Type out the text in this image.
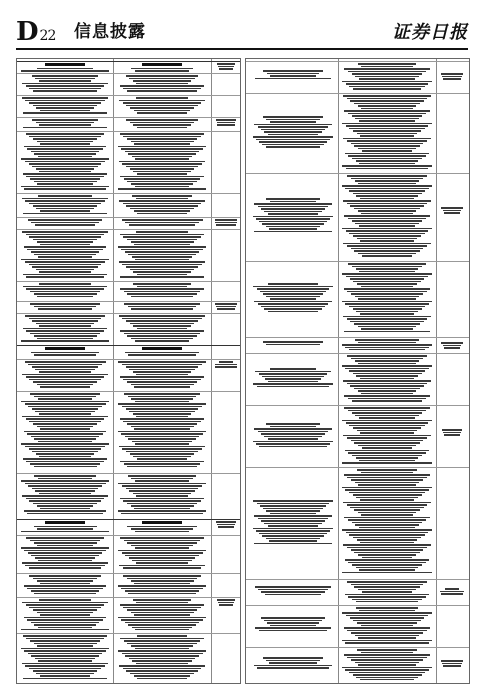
D 22 信息披露	证券日报
